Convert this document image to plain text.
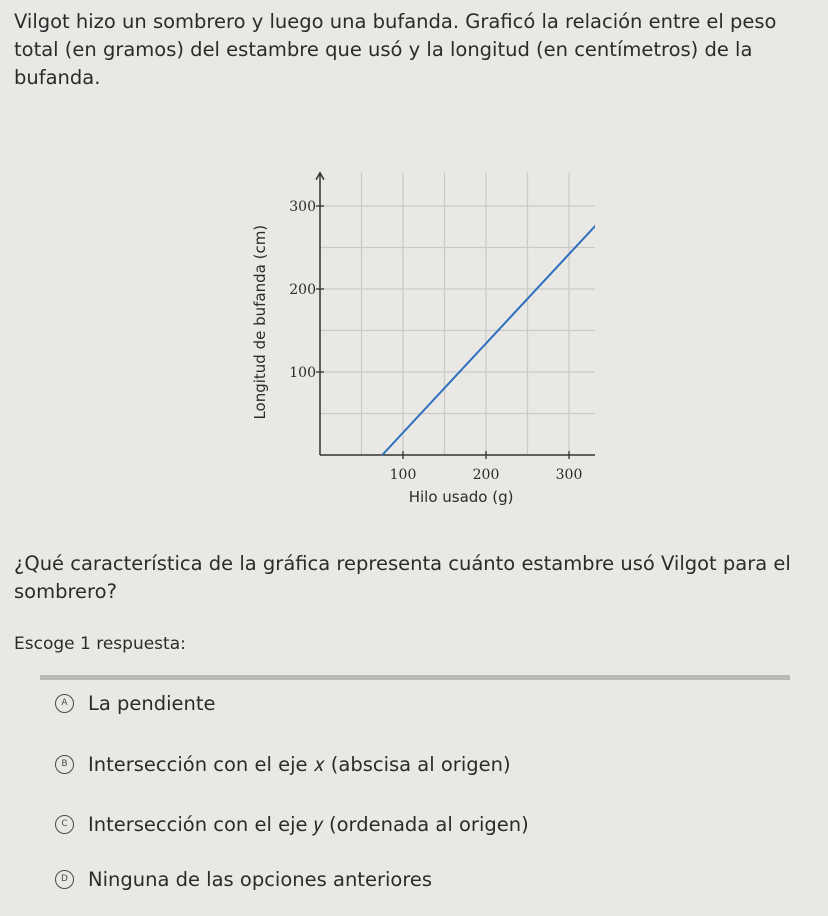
Vilgot hizo un sombrero y luego una bufanda. Graficó la relación entre el peso total (en gramos) del estambre que usó y la longitud (en centímetros) de la bufanda.

100	200	300
100
200
300
Hilo usado (g)
Longitud de bufanda (cm)

¿Qué característica de la gráfica representa cuánto estambre usó Vilgot para el sombrero?

Escoge 1 respuesta:

A	La pendiente
B	Intersección con el eje 𝑥 (abscisa al origen)
C	Intersección con el eje 𝑦 (ordenada al origen)
D	Ninguna de las opciones anteriores
